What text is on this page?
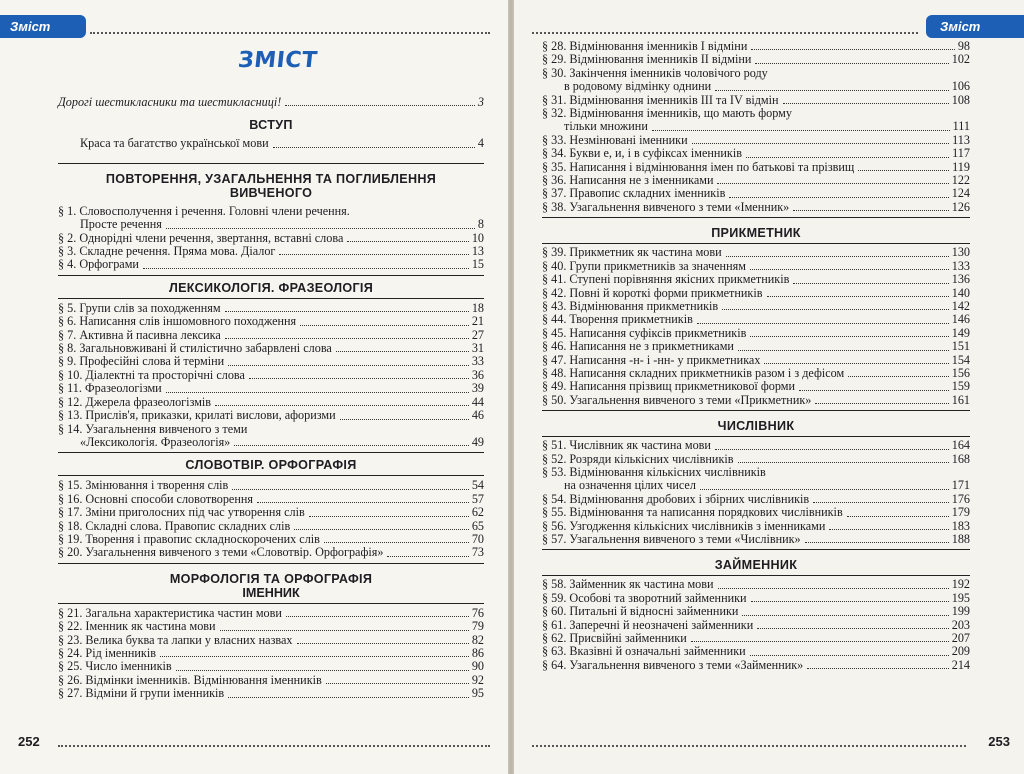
Зміст
ЗМІСТ
Дорогі шестикласники та шестикласниці!	3
ВСТУП
Краса та багатство української мови	4
ПОВТОРЕННЯ, УЗАГАЛЬНЕННЯ ТА ПОГЛИБЛЕННЯ
ВИВЧЕНОГО
§ 1. Словосполучення і речення. Головні члени речення.
Просте речення	8
§ 2. Однорідні члени речення, звертання, вставні слова	10
§ 3. Складне речення. Пряма мова. Діалог	13
§ 4. Орфограми	15
ЛЕКСИКОЛОГІЯ. ФРАЗЕОЛОГІЯ
§ 5. Групи слів за походженням	18
§ 6. Написання слів іншомовного походження	21
§ 7. Активна й пасивна лексика	27
§ 8. Загальновживані й стилістично забарвлені слова	31
§ 9. Професійні слова й терміни	33
§ 10. Діалектні та просторічні слова	36
§ 11. Фразеологізми	39
§ 12. Джерела фразеологізмів	44
§ 13. Прислів'я, приказки, крилаті вислови, афоризми	46
§ 14. Узагальнення вивченого з теми
«Лексикологія. Фразеологія»	49
СЛОВОТВІР. ОРФОГРАФІЯ
§ 15. Змінювання і творення слів	54
§ 16. Основні способи словотворення	57
§ 17. Зміни приголосних під час утворення слів	62
§ 18. Складні слова. Правопис складних слів	65
§ 19. Творення і правопис складноскорочених слів	70
§ 20. Узагальнення вивченого з теми «Словотвір. Орфографія»	73
МОРФОЛОГІЯ ТА ОРФОГРАФІЯ
ІМЕННИК
§ 21. Загальна характеристика частин мови	76
§ 22. Іменник як частина мови	79
§ 23. Велика буква та лапки у власних назвах	82
§ 24. Рід іменників	86
§ 25. Число іменників	90
§ 26. Відмінки іменників. Відмінювання іменників	92
§ 27. Відміни й групи іменників	95
252
Зміст
§ 28. Відмінювання іменників I відміни	98
§ 29. Відмінювання іменників II відміни	102
§ 30. Закінчення іменників чоловічого роду
в родовому відмінку однини	106
§ 31. Відмінювання іменників III та IV відмін	108
§ 32. Відмінювання іменників, що мають форму
тільки множини	111
§ 33. Незмінювані іменники	113
§ 34. Букви е, и, і в суфіксах іменників	117
§ 35. Написання і відмінювання імен по батькові та прізвищ	119
§ 36. Написання не з іменниками	122
§ 37. Правопис складних іменників	124
§ 38. Узагальнення вивченого з теми «Іменник»	126
ПРИКМЕТНИК
§ 39. Прикметник як частина мови	130
§ 40. Групи прикметників за значенням	133
§ 41. Ступені порівняння якісних прикметників	136
§ 42. Повні й короткі форми прикметників	140
§ 43. Відмінювання прикметників	142
§ 44. Творення прикметників	146
§ 45. Написання суфіксів прикметників	149
§ 46. Написання не з прикметниками	151
§ 47. Написання -н- і -нн- у прикметниках	154
§ 48. Написання складних прикметників разом і з дефісом	156
§ 49. Написання прізвищ прикметникової форми	159
§ 50. Узагальнення вивченого з теми «Прикметник»	161
ЧИСЛІВНИК
§ 51. Числівник як частина мови	164
§ 52. Розряди кількісних числівників	168
§ 53. Відмінювання кількісних числівників
на означення цілих чисел	171
§ 54. Відмінювання дробових і збірних числівників	176
§ 55. Відмінювання та написання порядкових числівників	179
§ 56. Узгодження кількісних числівників з іменниками	183
§ 57. Узагальнення вивченого з теми «Числівник»	188
ЗАЙМЕННИК
§ 58. Займенник як частина мови	192
§ 59. Особові та зворотний займенники	195
§ 60. Питальні й відносні займенники	199
§ 61. Заперечні й неозначені займенники	203
§ 62. Присвійні займенники	207
§ 63. Вказівні й означальні займенники	209
§ 64. Узагальнення вивченого з теми «Займенник»	214
253
